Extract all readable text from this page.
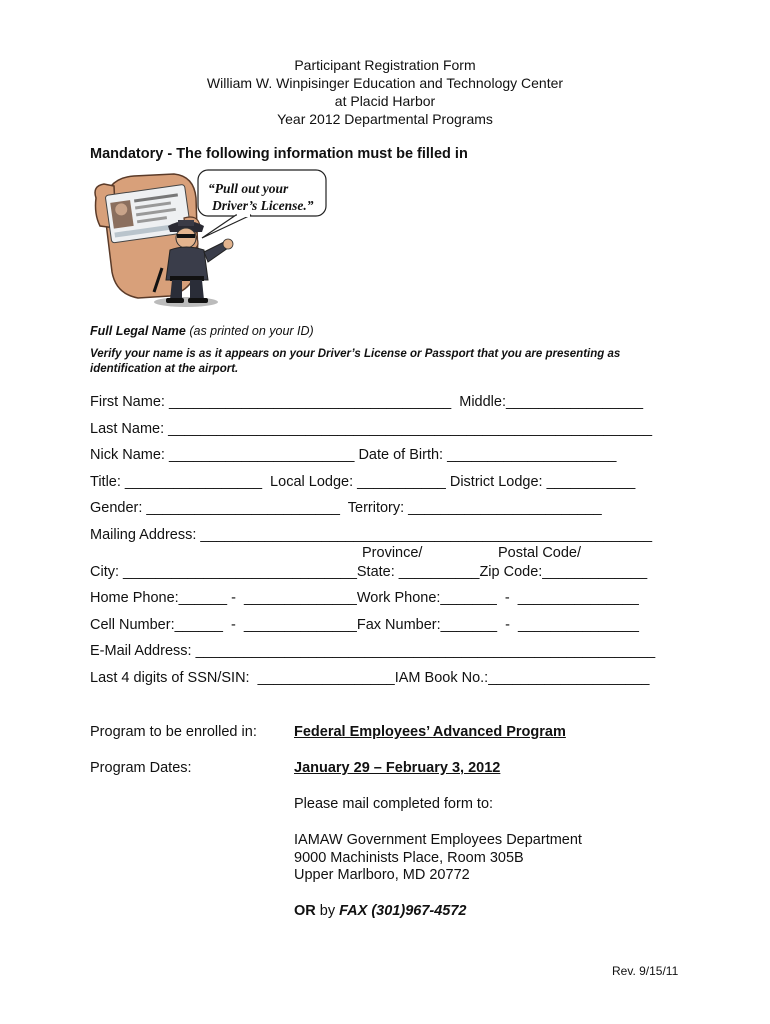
Participant Registration Form
William W. Winpisinger Education and Technology Center
at Placid Harbor
Year 2012 Departmental Programs
Mandatory - The following information must be filled in
“Pull out your
Driver’s License.”
Full Legal Name (as printed on your ID)
Verify your name is as it appears on your Driver’s License or Passport that you are presenting as
identification at the airport.
First Name: ___________________________________  Middle:_________________
Last Name: ____________________________________________________________
Nick Name: _______________________ Date of Birth: _____________________
Title: _________________  Local Lodge: ___________ District Lodge: ___________
Gender: ________________________  Territory: ________________________
Mailing Address: ________________________________________________________
Province/	Postal Code/
City: _____________________________State: __________Zip Code:_____________
Home Phone:______ -  ______________Work Phone:_______  -  _______________
Cell Number:______  -  ______________Fax Number:_______  -  _______________
E-Mail Address: _________________________________________________________
Last 4 digits of SSN/SIN:  _________________IAM Book No.:____________________
Program to be enrolled in:	Federal Employees’ Advanced Program
Program Dates:	January 29 – February 3, 2012
Please mail completed form to:
IAMAW Government Employees Department
9000 Machinists Place, Room 305B
Upper Marlboro, MD 20772
OR by FAX (301)967-4572
Rev. 9/15/11
